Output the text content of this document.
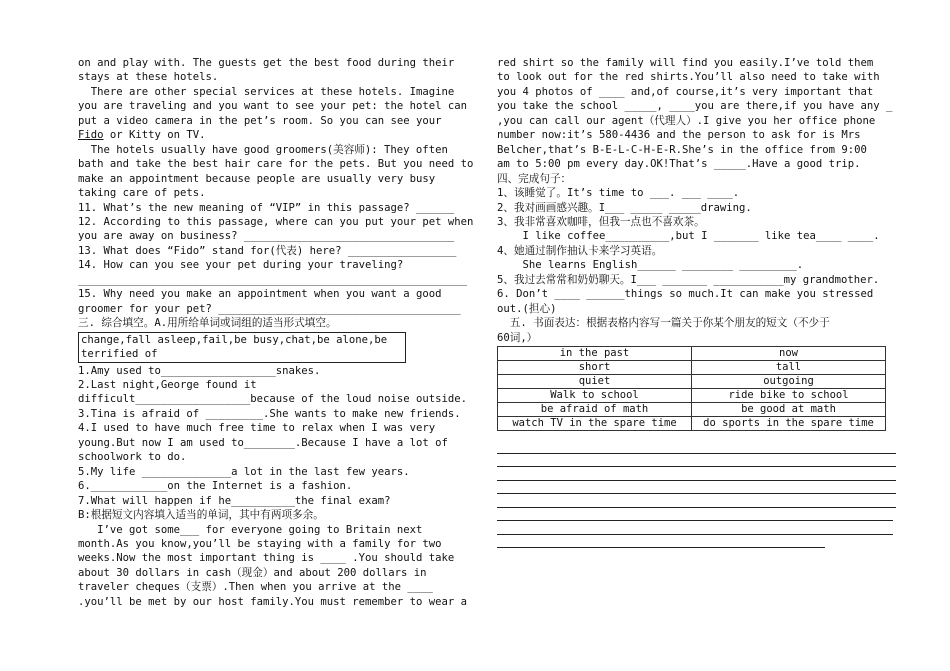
on and play with. The guests get the best food during their

stays at these hotels.

There are other special services at these hotels. Imagine

you are traveling and you want to see your pet: the hotel can

put a video camera in the pet’s room. So you can see your

Fido or Kitty on TV.

The hotels usually have good groomers(美容师): They often

bath and take the best hair care for the pets. But you need to

make an appointment because people are usually very busy

taking care of pets.

11. What’s the new meaning of “VIP” in this passage? ______

12. According to this passage, where can you put your pet when

you are away on business? _________________________________

13. What does “Fido” stand for(代表) here? _________________

14. How can you see your pet during your traveling?

_____________________________________________________________

15. Why need you make an appointment when you want a good

groomer for your pet? ______________________________________

三. 综合填空。A.用所给单词或词组的适当形式填空。

change,fall asleep,fail,be busy,chat,be alone,be terrified of

1.Amy used to__________________snakes.

2.Last night,George found it

difficult__________________because of the loud noise outside.

3.Tina is afraid of _________.She wants to make new friends.

4.I used to have much free time to relax when I was very

young.But now I am used to________.Because I have a lot of

schoolwork to do.

5.My life ______________a lot in the last few years.

6.____________on the Internet is a fashion.

7.What will happen if he__________the final exam?

B:根据短文内容填入适当的单词，其中有两项多余。

I’ve got some___ for everyone going to Britain next

month.As you know,you’ll be staying with a family for two

weeks.Now the most important thing is ____ .You should take

about 30 dollars in cash（现金）and about 200 dollars in

traveler cheques（支票）.Then when you arrive at the ____

.you’ll be met by our host family.You must remember to wear a

red shirt so the family will find you easily.I’ve told them

to look out for the red shirts.You’ll also need to take with

you 4 photos of ____ and,of course,it’s very important that

you take the school _____, ____you are there,if you have any _

,you can call our agent（代理人）.I give you her office phone

number now:it’s 580-4436 and the person to ask for is Mrs

Belcher,that’s B-E-L-C-H-E-R.She’s in the office from 9:00

am to 5:00 pm every day.OK!That’s _____.Have a good trip.

四、完成句子：

1、该睡觉了。It’s time to ___. ___ ____.

2、我对画画感兴趣。I___ _____ _____drawing.

3、我非常喜欢咖啡，但我一点也不喜欢茶。

I like coffee__________,but I _______ like tea____ ____.

4、她通过制作抽认卡来学习英语。

She learns English______ ________ _________.

5、我过去常常和奶奶聊天。I___ _______ ___________my grandmother.

6. Don’t ____ ______things so much.It can make you stressed

out.(担心)

五. 书面表达：根据表格内容写一篇关于你某个朋友的短文（不少于

60词,）

in the past	now
short	tall
quiet	outgoing
Walk to school	ride bike to school
be afraid of math	be good at math
watch TV in the spare time	do sports in the spare time
